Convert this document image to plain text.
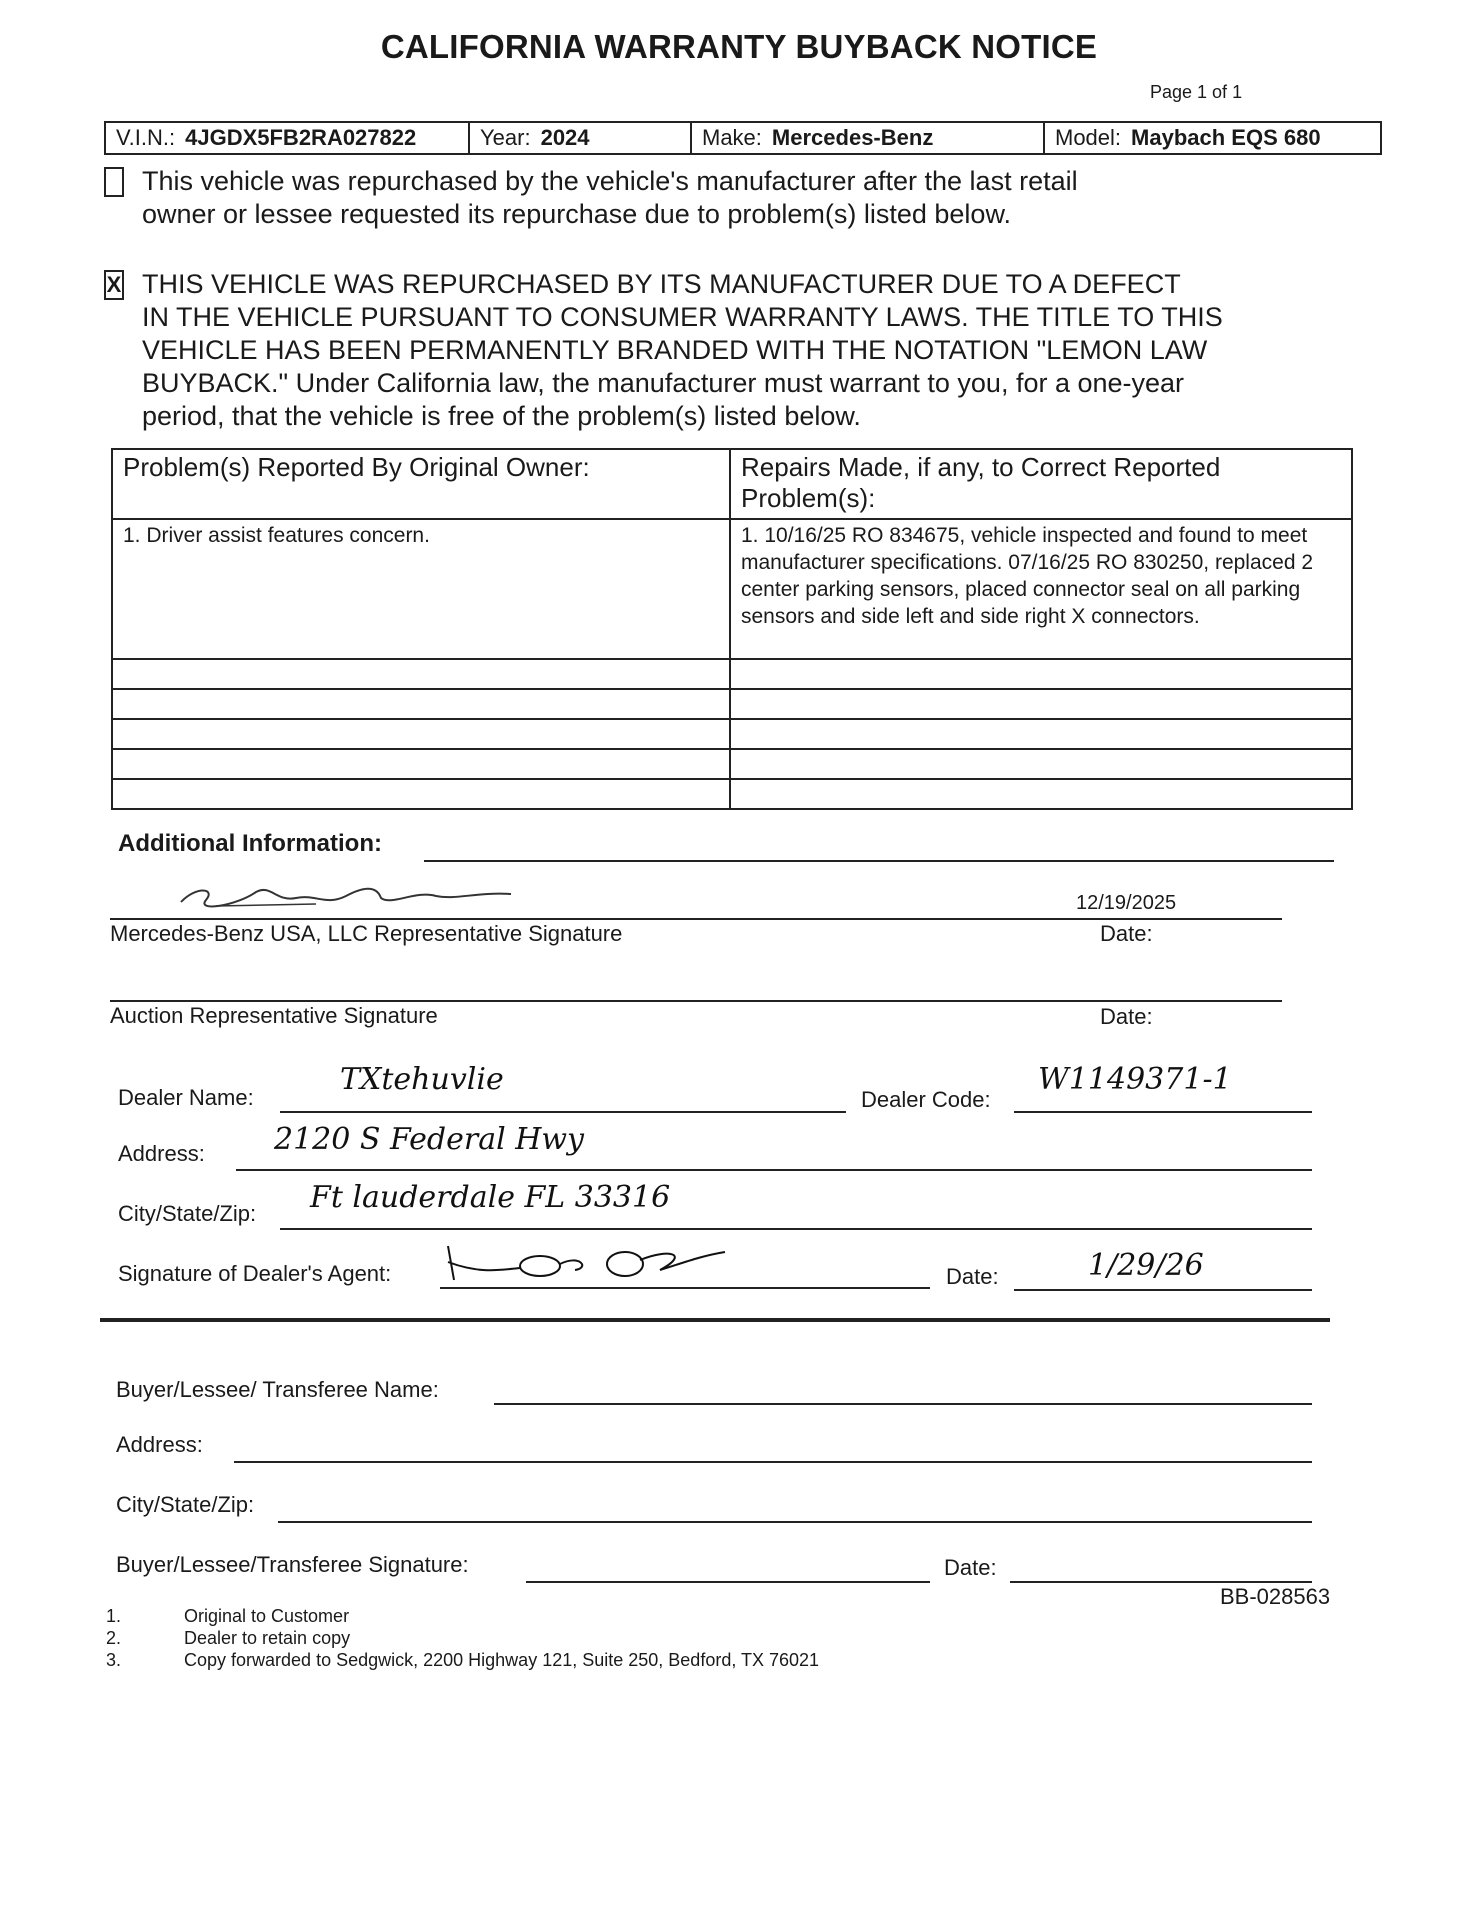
CALIFORNIA WARRANTY BUYBACK NOTICE
Page 1 of 1
V.I.N.: 4JGDX5FB2RA027822	Year: 2024	Make: Mercedes-Benz	Model: Maybach EQS 680
This vehicle was repurchased by the vehicle's manufacturer after the last retail
owner or lessee requested its repurchase due to problem(s) listed below.
X THIS VEHICLE WAS REPURCHASED BY ITS MANUFACTURER DUE TO A DEFECT
IN THE VEHICLE PURSUANT TO CONSUMER WARRANTY LAWS. THE TITLE TO THIS
VEHICLE HAS BEEN PERMANENTLY BRANDED WITH THE NOTATION "LEMON LAW
BUYBACK." Under California law, the manufacturer must warrant to you, for a one-year
period, that the vehicle is free of the problem(s) listed below.
Problem(s) Reported By Original Owner:	Repairs Made, if any, to Correct Reported Problem(s):
1. Driver assist features concern.	1. 10/16/25 RO 834675, vehicle inspected and found to meet manufacturer specifications. 07/16/25 RO 830250, replaced 2 center parking sensors, placed connector seal on all parking sensors and side left and side right X connectors.

Additional Information:
12/19/2025
Mercedes-Benz USA, LLC Representative Signature	Date:
Auction Representative Signature	Date:
Dealer Name:
TXtehuvlie
Dealer Code:
W1149371-1
Address: 2120 S Federal Hwy
City/State/Zip: Ft lauderdale FL 33316
Signature of Dealer's Agent:	Date:	1/29/26
Buyer/Lessee/ Transferee Name:
Address:
City/State/Zip:
Buyer/Lessee/Transferee Signature:	Date:
BB-028563
1.	Original to Customer
2.	Dealer to retain copy
3.	Copy forwarded to Sedgwick, 2200 Highway 121, Suite 250, Bedford, TX 76021
